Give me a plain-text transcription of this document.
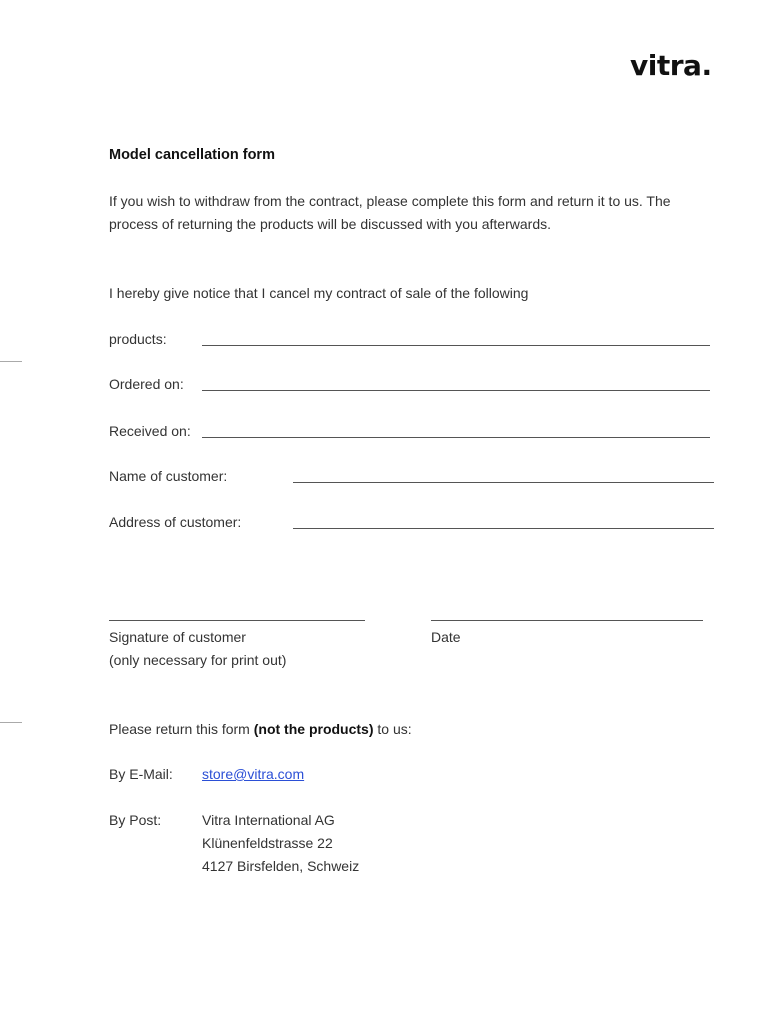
vitra.
Model cancellation form
If you wish to withdraw from the contract, please complete this form and return it to us. The
process of returning the products will be discussed with you afterwards.
I hereby give notice that I cancel my contract of sale of the following
products:
Ordered on:
Received on:
Name of customer:
Address of customer:
Signature of customer
(only necessary for print out)
Date
Please return this form (not the products) to us:
By E-Mail: store@vitra.com
By Post:	Vitra International AG
Klünenfeldstrasse 22
4127 Birsfelden, Schweiz
